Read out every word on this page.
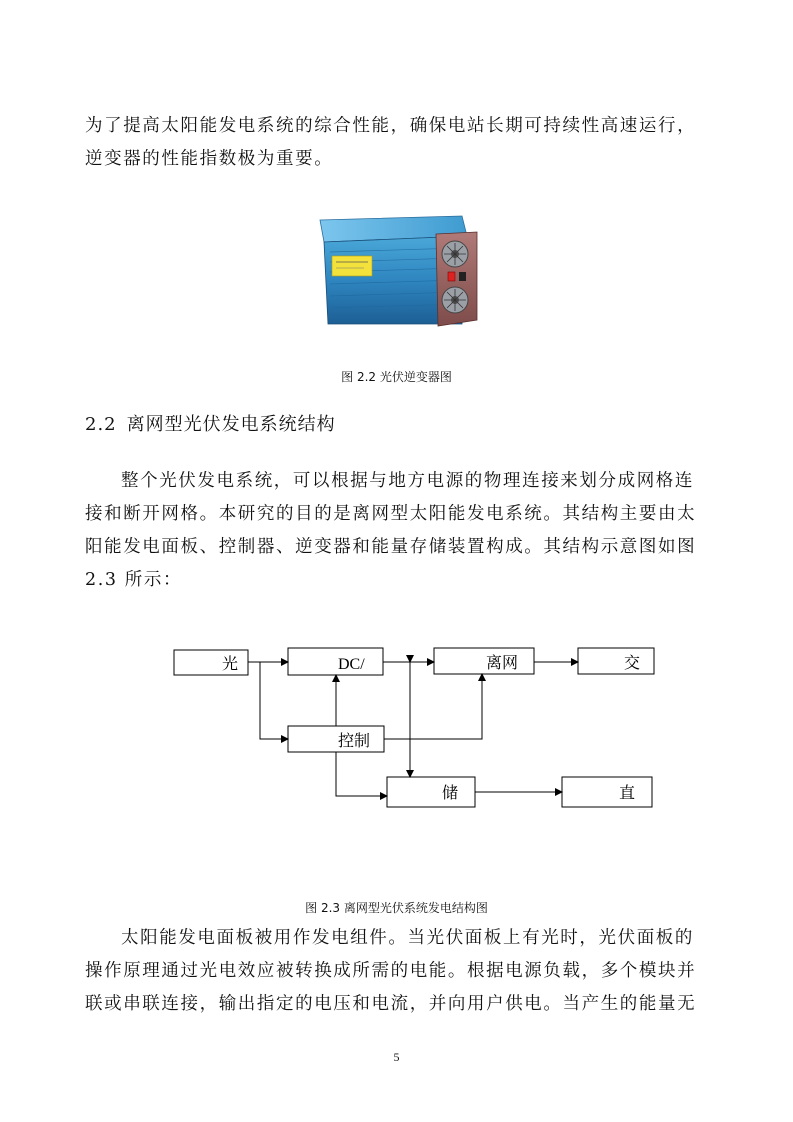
为了提高太阳能发电系统的综合性能，确保电站长期可持续性高速运行，
逆变器的性能指数极为重要。
图 2.2 光伏逆变器图
2.2 离网型光伏发电系统结构
整个光伏发电系统，可以根据与地方电源的物理连接来划分成网格连
接和断开网格。本研究的目的是离网型太阳能发电系统。其结构主要由太
阳能发电面板、控制器、逆变器和能量存储装置构成。其结构示意图如图
2.3 所示：
光	DC/	离网	交
控制
储	直
图 2.3 离网型光伏系统发电结构图
太阳能发电面板被用作发电组件。当光伏面板上有光时，光伏面板的
操作原理通过光电效应被转换成所需的电能。根据电源负载，多个模块并
联或串联连接，输出指定的电压和电流，并向用户供电。当产生的能量无
5
